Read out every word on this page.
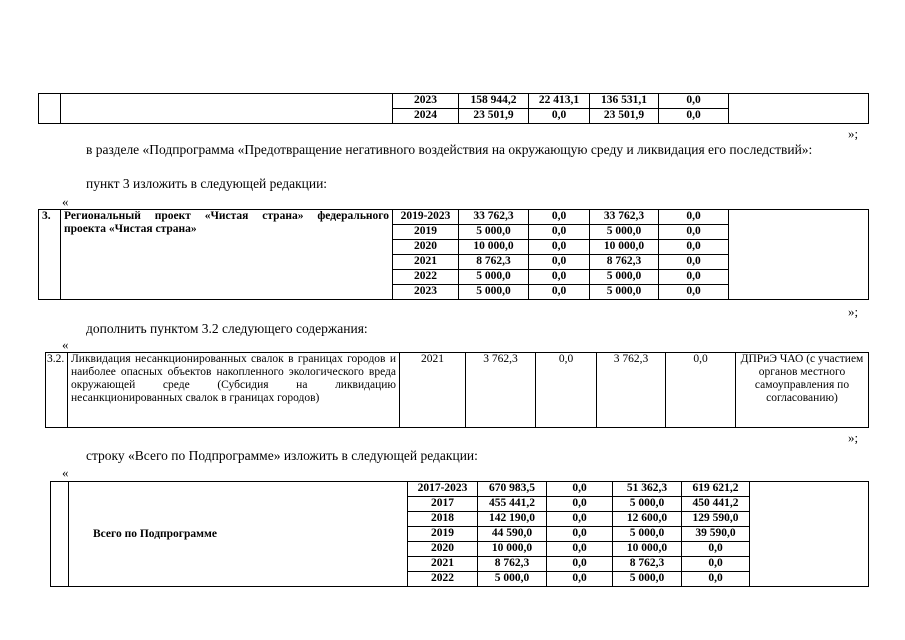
		2023	158 944,2	22 413,1	136 531,1	0,0	
		2024	23 501,9	0,0	23 501,9	0,0	
»;
в разделе «Подпрограмма «Предотвращение негативного воздействия на окружающую среду и ликвидация его последствий»:
пункт 3 изложить в следующей редакции:
«
3.	Региональный проект «Чистая страна» федерального проекта «Чистая страна»	2019-2023	33 762,3	0,0	33 762,3	0,0	
		2019	5 000,0	0,0	5 000,0	0,0	
		2020	10 000,0	0,0	10 000,0	0,0	
		2021	8 762,3	0,0	8 762,3	0,0	
		2022	5 000,0	0,0	5 000,0	0,0	
		2023	5 000,0	0,0	5 000,0	0,0	
»;
дополнить пунктом 3.2 следующего содержания:
«
3.2.	Ликвидация несанкционированных свалок в границах городов и наиболее опасных объектов накопленного экологического вреда окружающей среде (Субсидия на ликвидацию несанкционированных свалок в границах городов)	2021	3 762,3	0,0	3 762,3	0,0	ДПРиЭ ЧАО (с участием органов местного самоуправления по согласованию)
»;
строку «Всего по Подпрограмме» изложить в следующей редакции:
«
	Всего по Подпрограмме	2017-2023	670 983,5	0,0	51 362,3	619 621,2	
		2017	455 441,2	0,0	5 000,0	450 441,2	
		2018	142 190,0	0,0	12 600,0	129 590,0	
		2019	44 590,0	0,0	5 000,0	39 590,0	
		2020	10 000,0	0,0	10 000,0	0,0	
		2021	8 762,3	0,0	8 762,3	0,0	
		2022	5 000,0	0,0	5 000,0	0,0	
